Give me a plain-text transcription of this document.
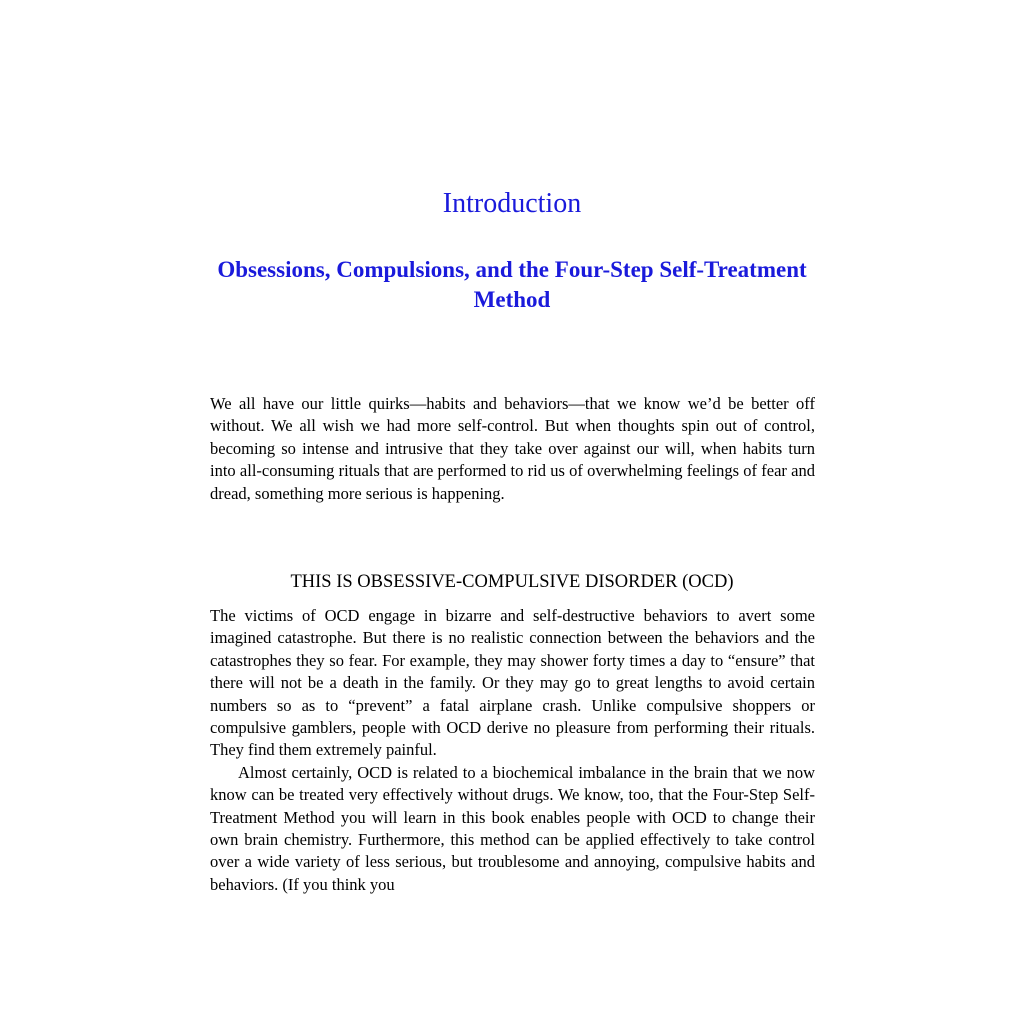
Introduction
Obsessions, Compulsions, and the Four-Step Self-Treatment Method

We all have our little quirks—habits and behaviors—that we know we’d be better off without. We all wish we had more self-control. But when thoughts spin out of control, becoming so intense and intrusive that they take over against our will, when habits turn into all-consuming rituals that are performed to rid us of overwhelming feelings of fear and dread, something more serious is happening.

THIS IS OBSESSIVE-COMPULSIVE DISORDER (OCD)

The victims of OCD engage in bizarre and self-destructive behaviors to avert some imagined catastrophe. But there is no realistic connection between the behaviors and the catastrophes they so fear. For example, they may shower forty times a day to “ensure” that there will not be a death in the family. Or they may go to great lengths to avoid certain numbers so as to “prevent” a fatal airplane crash. Unlike compulsive shoppers or compulsive gamblers, people with OCD derive no pleasure from performing their rituals. They find them extremely painful.

Almost certainly, OCD is related to a biochemical imbalance in the brain that we now know can be treated very effectively without drugs. We know, too, that the Four-Step Self-Treatment Method you will learn in this book enables people with OCD to change their own brain chemistry. Furthermore, this method can be applied effectively to take control over a wide variety of less serious, but troublesome and annoying, compulsive habits and behaviors. (If you think you
